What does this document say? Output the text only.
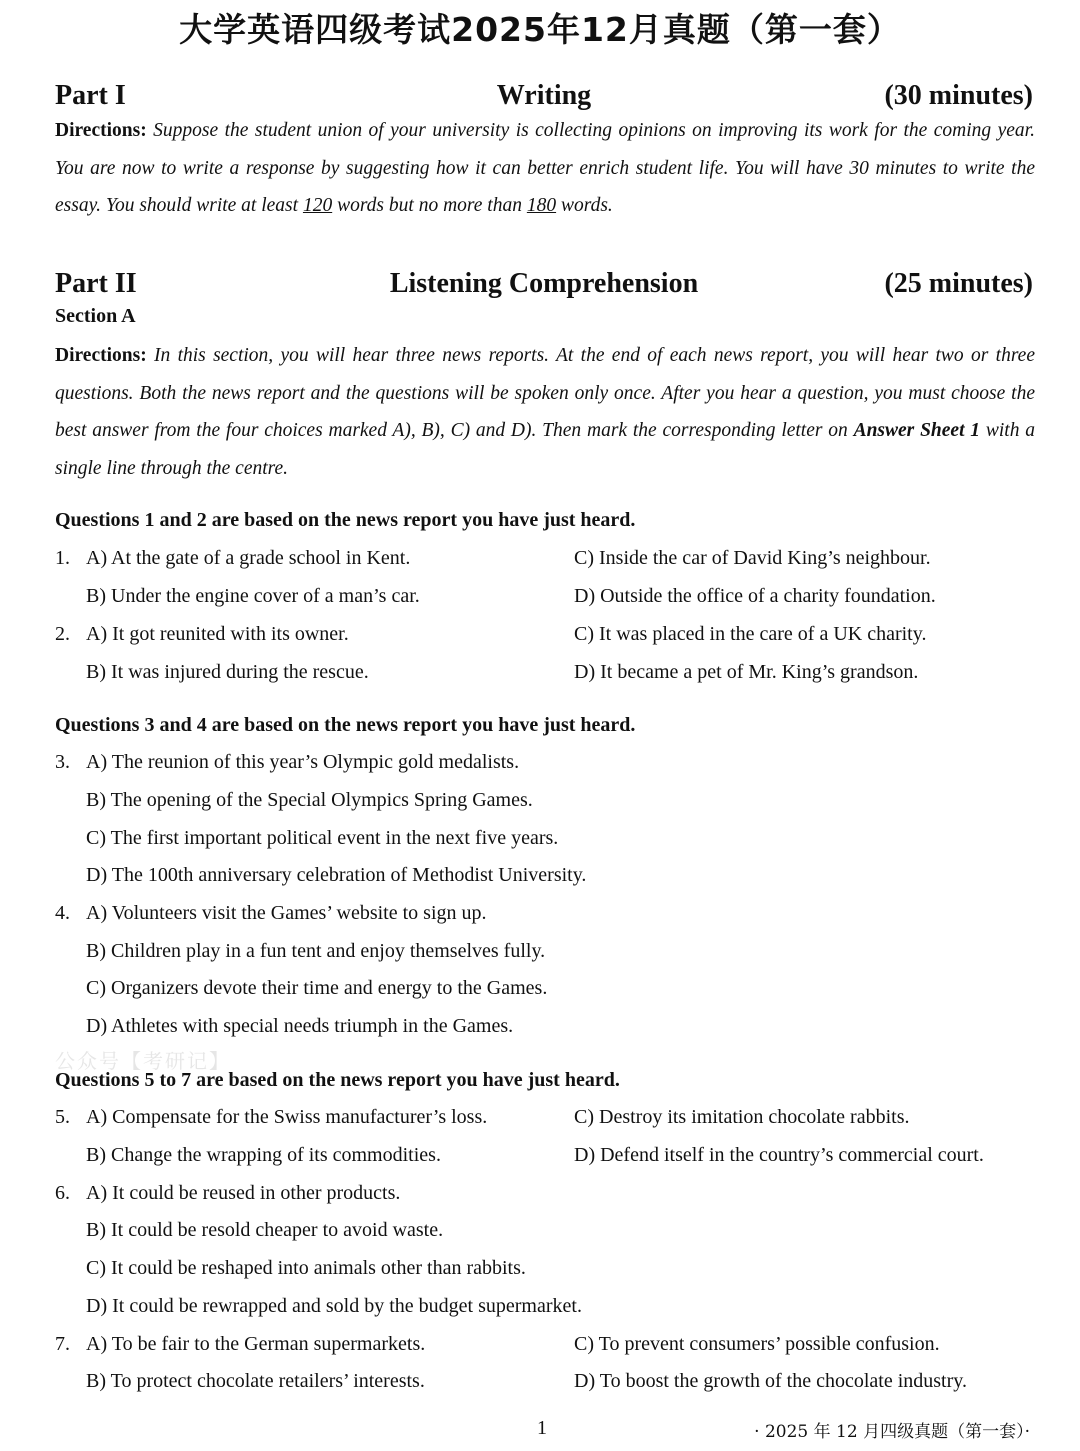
大学英语四级考试2025年12月真题（第一套）
Part I	Writing	(30 minutes)
Directions: Suppose the student union of your university is collecting opinions on improving its work for the coming year. You are now to write a response by suggesting how it can better enrich student life. You will have 30 minutes to write the essay. You should write at least 120 words but no more than 180 words.
Part II	Listening Comprehension	(25 minutes)
Section A
Directions: In this section, you will hear three news reports. At the end of each news report, you will hear two or three questions. Both the news report and the questions will be spoken only once. After you hear a question, you must choose the best answer from the four choices marked A), B), C) and D). Then mark the corresponding letter on Answer Sheet 1 with a single line through the centre.
Questions 1 and 2 are based on the news report you have just heard.
1. A) At the gate of a grade school in Kent.	C) Inside the car of David King’s neighbour.
B) Under the engine cover of a man’s car.	D) Outside the office of a charity foundation.
2. A) It got reunited with its owner.	C) It was placed in the care of a UK charity.
B) It was injured during the rescue.	D) It became a pet of Mr. King’s grandson.
Questions 3 and 4 are based on the news report you have just heard.
3. A) The reunion of this year’s Olympic gold medalists.
B) The opening of the Special Olympics Spring Games.
C) The first important political event in the next five years.
D) The 100th anniversary celebration of Methodist University.
4. A) Volunteers visit the Games’ website to sign up.
B) Children play in a fun tent and enjoy themselves fully.
C) Organizers devote their time and energy to the Games.
D) Athletes with special needs triumph in the Games.
公众号【考研记】
Questions 5 to 7 are based on the news report you have just heard.
5. A) Compensate for the Swiss manufacturer’s loss.	C) Destroy its imitation chocolate rabbits.
B) Change the wrapping of its commodities.	D) Defend itself in the country’s commercial court.
6. A) It could be reused in other products.
B) It could be resold cheaper to avoid waste.
C) It could be reshaped into animals other than rabbits.
D) It could be rewrapped and sold by the budget supermarket.
7. A) To be fair to the German supermarkets.	C) To prevent consumers’ possible confusion.
B) To protect chocolate retailers’ interests.	D) To boost the growth of the chocolate industry.
1	· 2025 年 12 月四级真题（第一套）·
